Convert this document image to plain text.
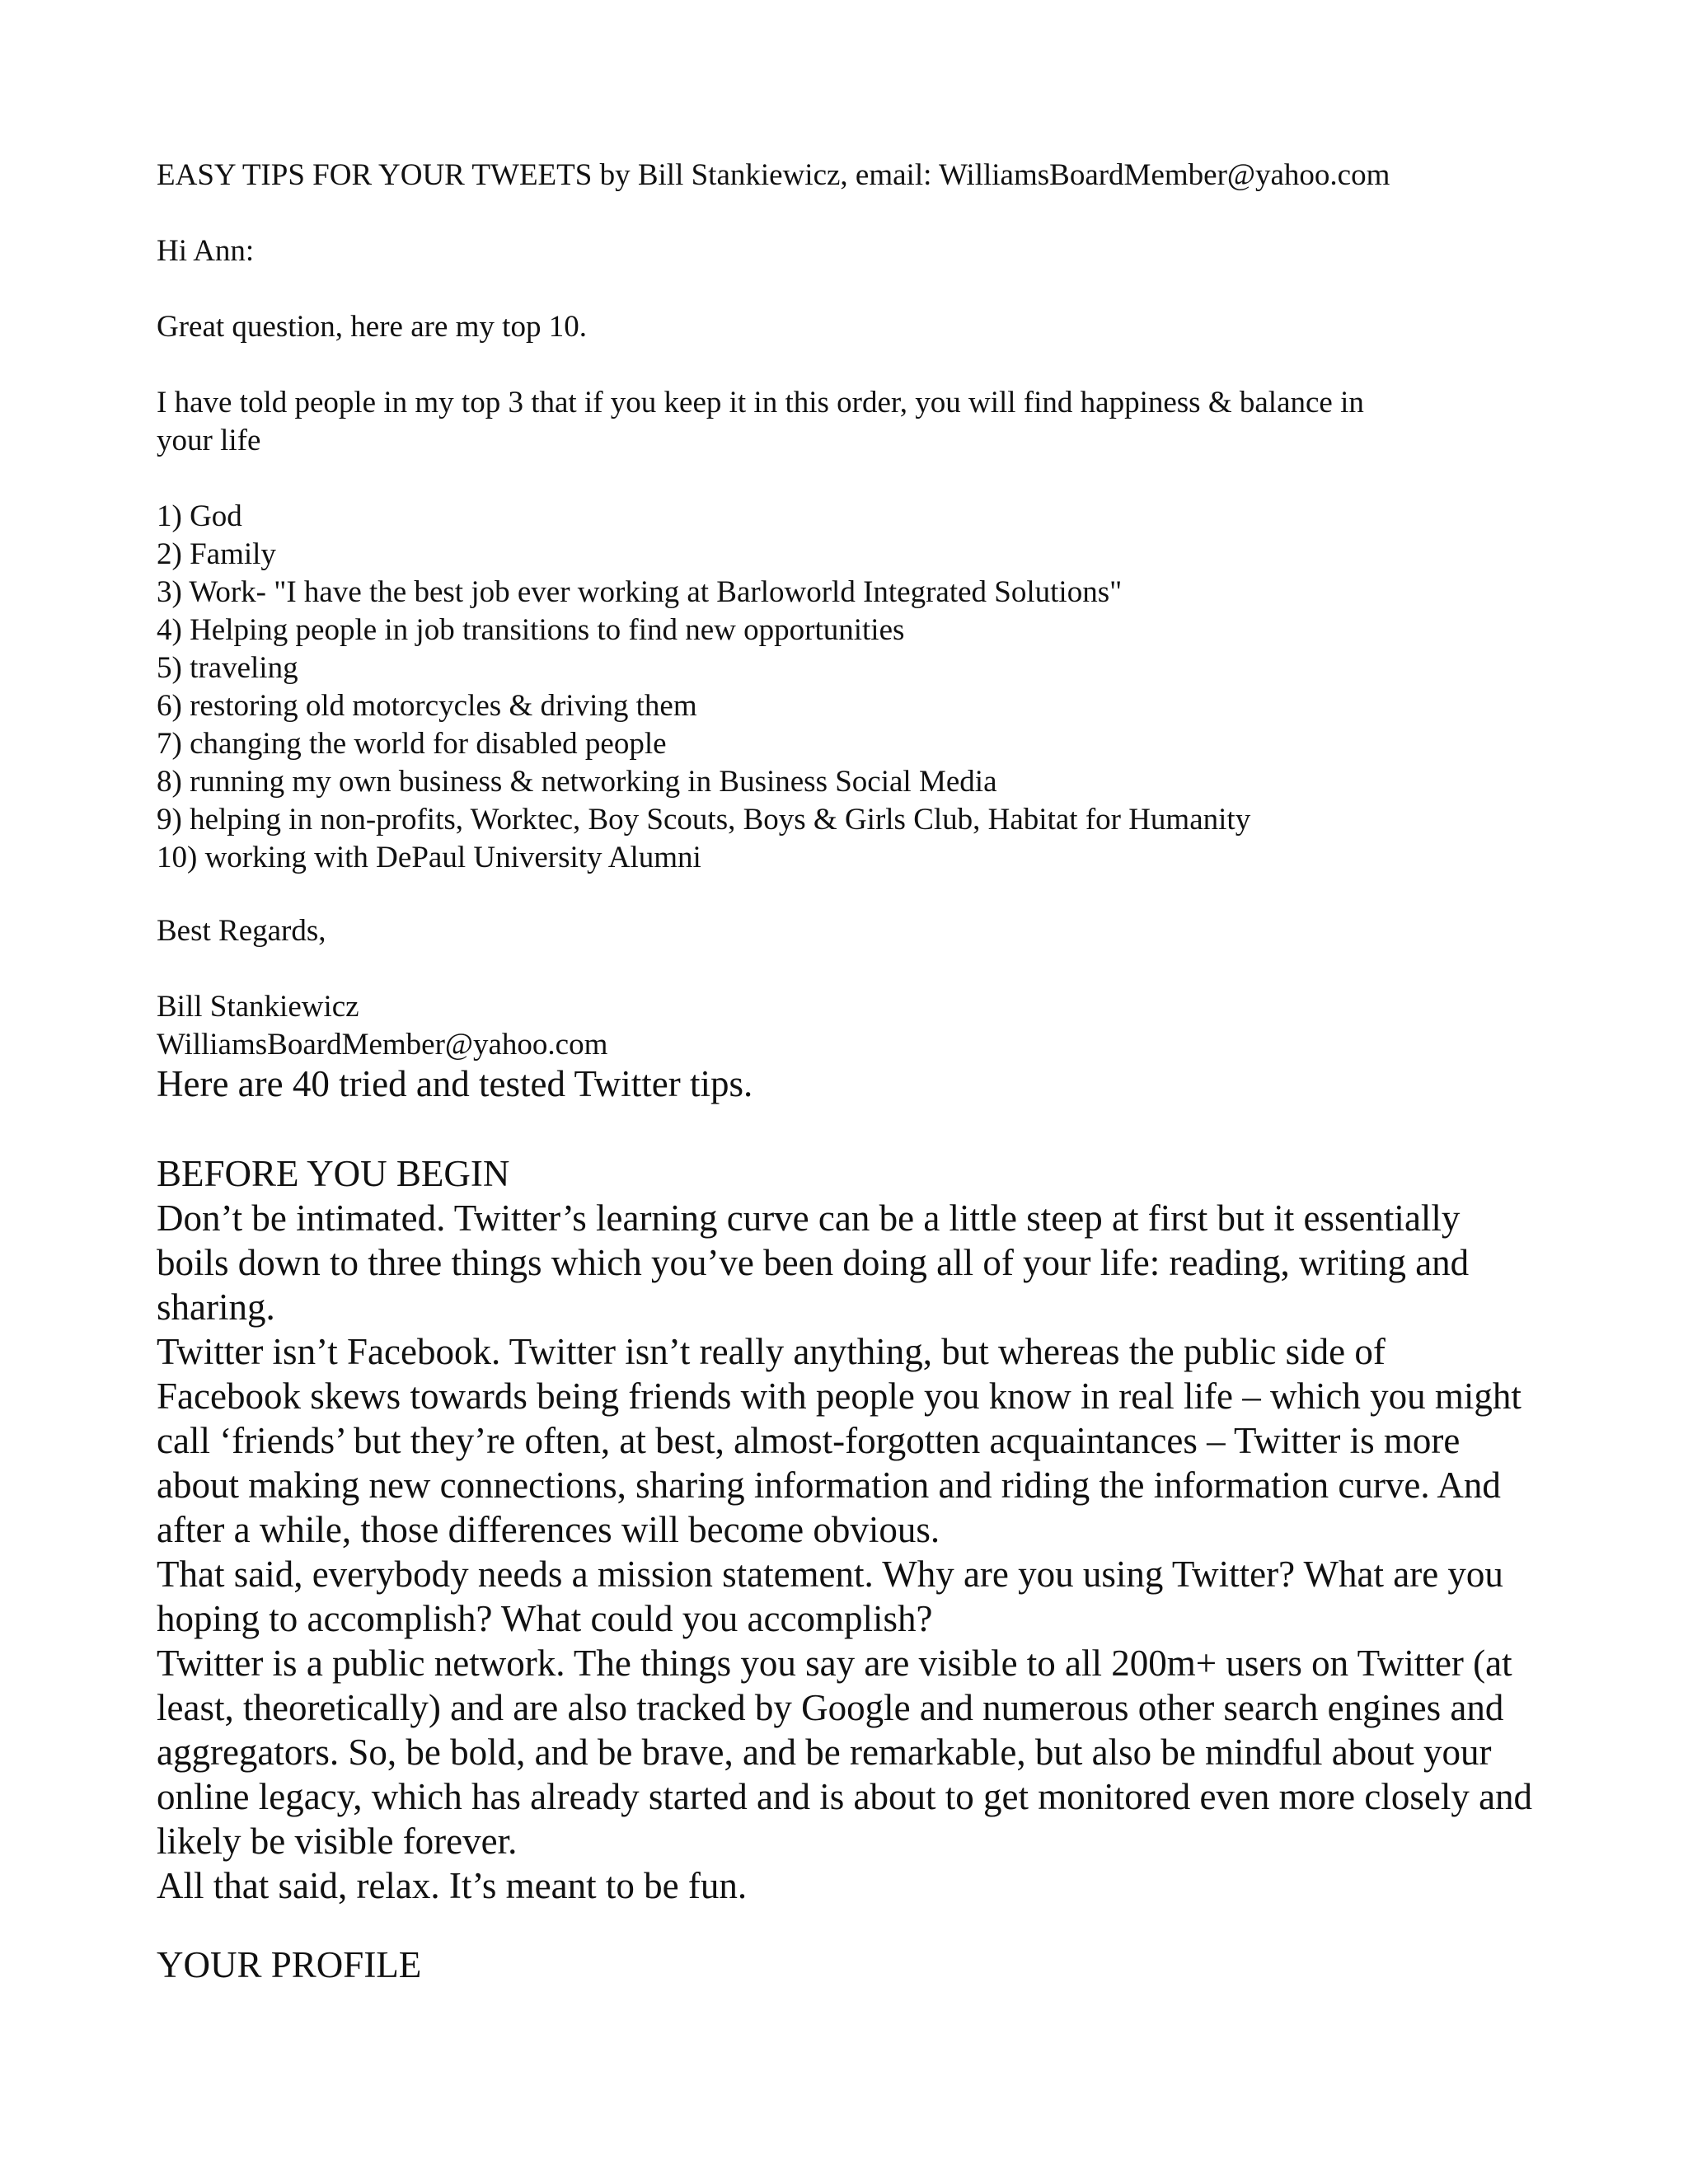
EASY TIPS FOR YOUR TWEETS by Bill Stankiewicz, email: WilliamsBoardMember@yahoo.com
Hi Ann:
Great question, here are my top 10.
I have told people in my top 3 that if you keep it in this order, you will find happiness & balance in
your life
1) God
2) Family
3) Work- "I have the best job ever working at Barloworld Integrated Solutions"
4) Helping people in job transitions to find new opportunities
5) traveling
6) restoring old motorcycles & driving them
7) changing the world for disabled people
8) running my own business & networking in Business Social Media
9) helping in non-profits, Worktec, Boy Scouts, Boys & Girls Club, Habitat for Humanity
10) working with DePaul University Alumni
Best Regards,
Bill Stankiewicz
WilliamsBoardMember@yahoo.com
Here are 40 tried and tested Twitter tips.
BEFORE YOU BEGIN
Don’t be intimated. Twitter’s learning curve can be a little steep at first but it essentially boils down to three things which you’ve been doing all of your life: reading, writing and sharing.
Twitter isn’t Facebook. Twitter isn’t really anything, but whereas the public side of Facebook skews towards being friends with people you know in real life – which you might call ‘friends’ but they’re often, at best, almost-forgotten acquaintances – Twitter is more about making new connections, sharing information and riding the information curve. And after a while, those differences will become obvious.
That said, everybody needs a mission statement. Why are you using Twitter? What are you hoping to accomplish? What could you accomplish?
Twitter is a public network. The things you say are visible to all 200m+ users on Twitter (at least, theoretically) and are also tracked by Google and numerous other search engines and aggregators. So, be bold, and be brave, and be remarkable, but also be mindful about your online legacy, which has already started and is about to get monitored even more closely and likely be visible forever.
All that said, relax. It’s meant to be fun.
YOUR PROFILE
